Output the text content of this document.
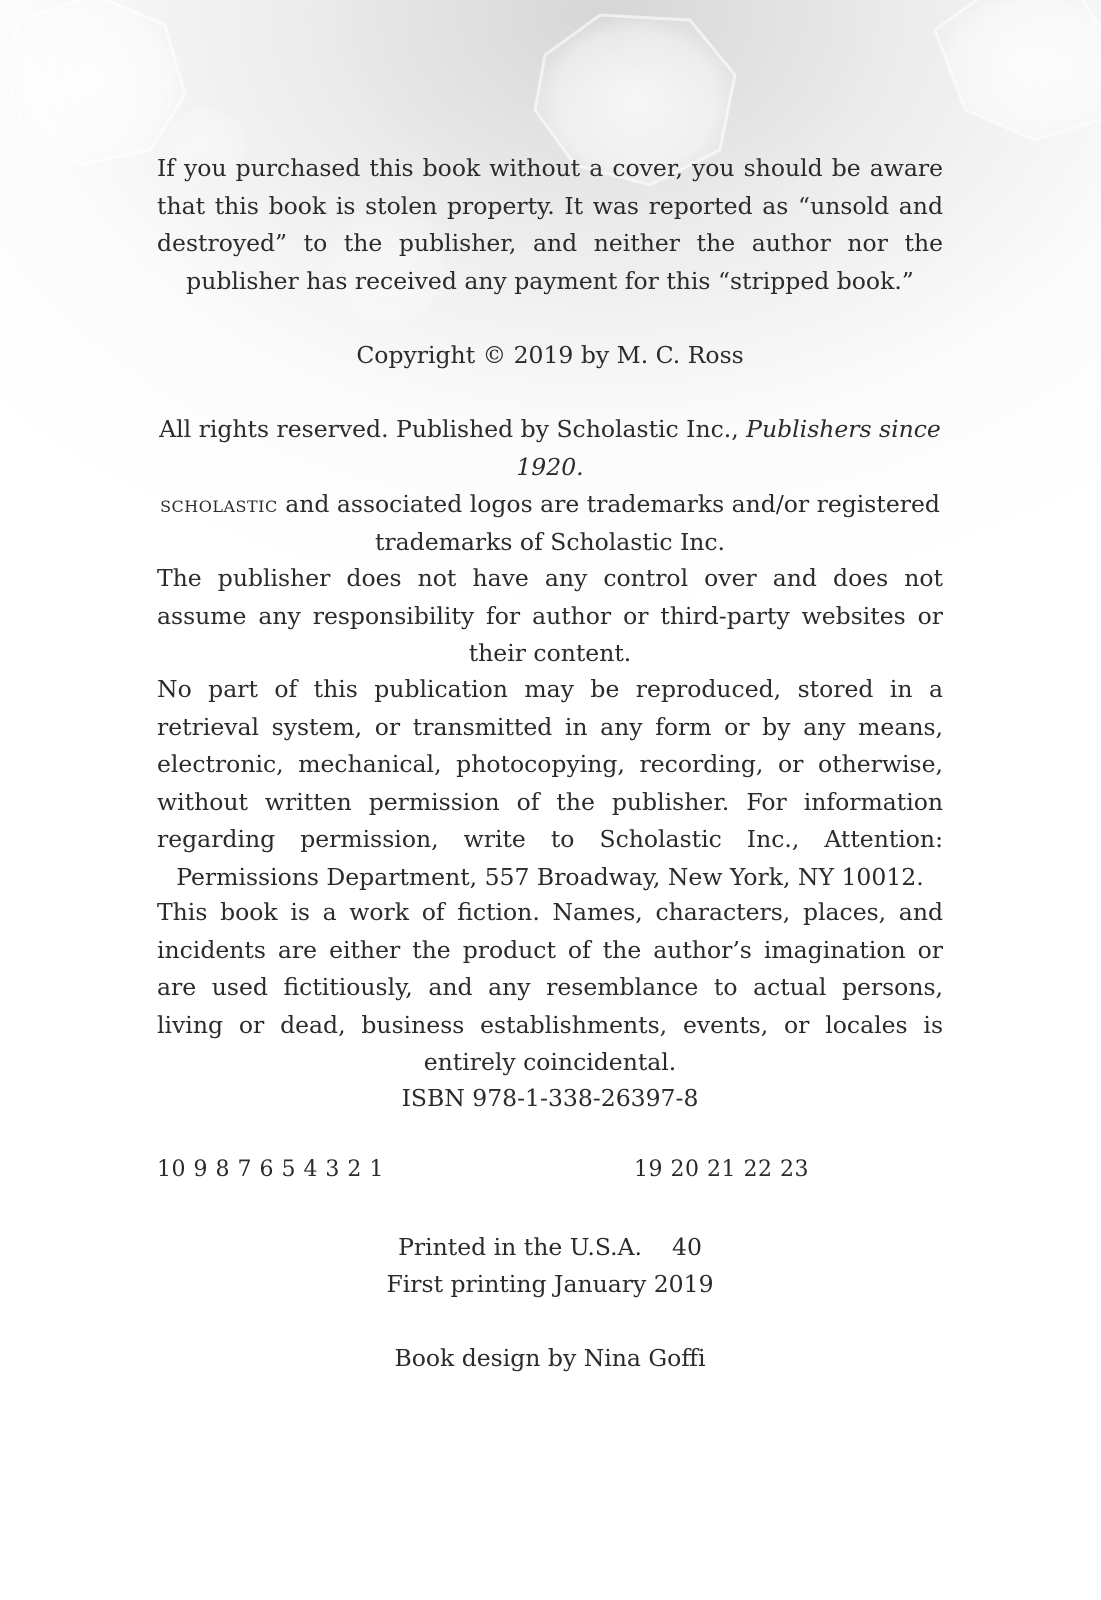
If you purchased this book without a cover, you should be aware that this book is stolen property. It was reported as “unsold and destroyed” to the publisher, and neither the author nor the publisher has received any payment for this “stripped book.”
Copyright © 2019 by M. C. Ross
All rights reserved. Published by Scholastic Inc., Publishers since 1920.
scholastic and associated logos are trademarks and/or registered trademarks of Scholastic Inc.
The publisher does not have any control over and does not assume any responsibility for author or third-party websites or their content.
No part of this publication may be reproduced, stored in a retrieval system, or transmitted in any form or by any means, electronic, mechanical, photocopying, recording, or otherwise, without written permission of the publisher. For information regarding permission, write to Scholastic Inc., Attention: Permissions Department, 557 Broadway, New York, NY 10012.
This book is a work of fiction. Names, characters, places, and incidents are either the product of the author’s imagination or are used fictitiously, and any resemblance to actual persons, living or dead, business establishments, events, or locales is entirely coincidental.
ISBN 978-1-338-26397-8
10 9 8 7 6 5 4 3 2 1	19 20 21 22 23
Printed in the U.S.A. 40
First printing January 2019
Book design by Nina Goffi
